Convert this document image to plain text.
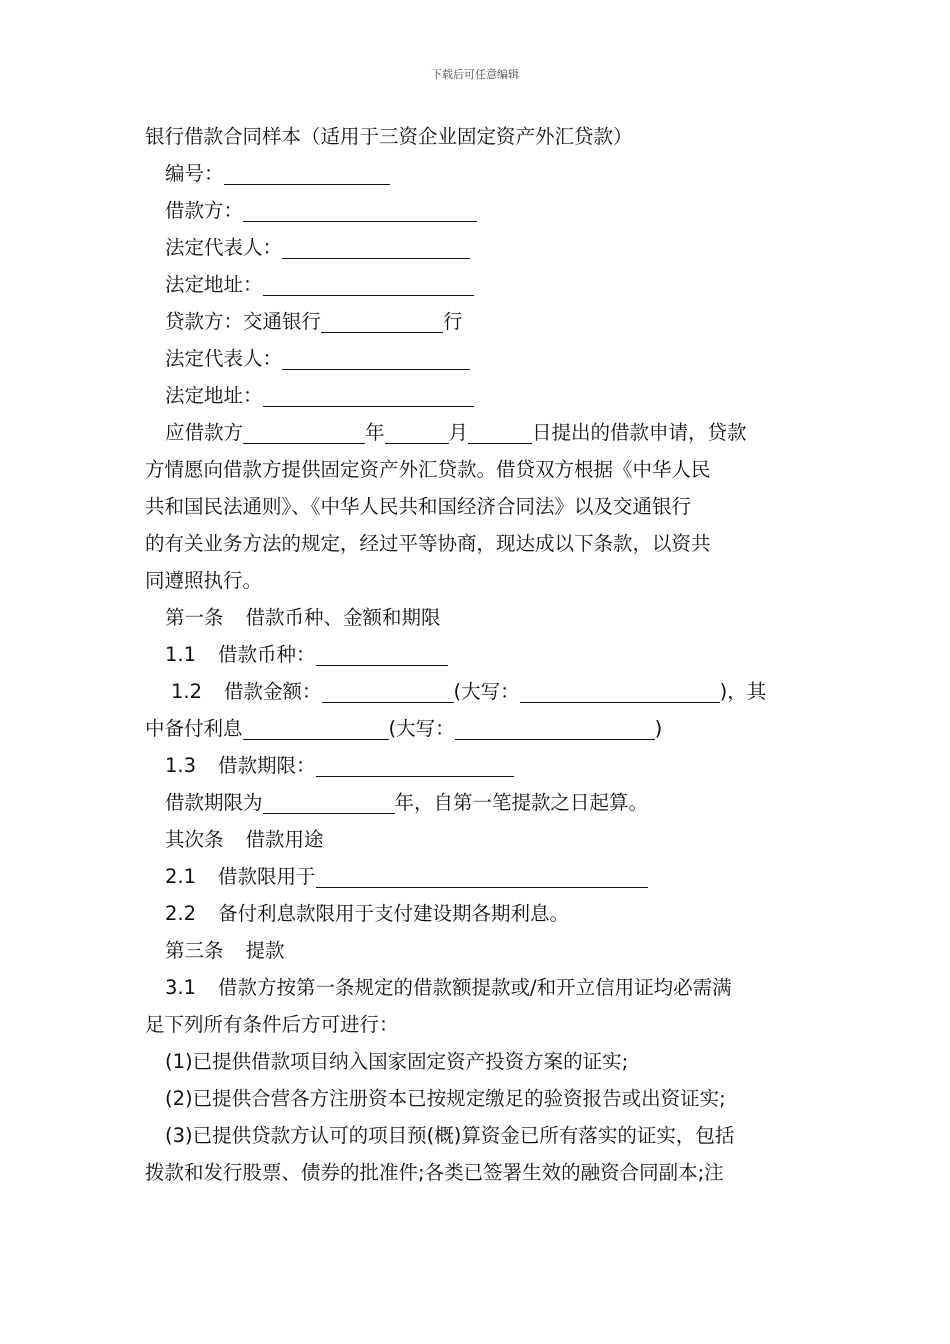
下载后可任意编辑
银行借款合同样本（适用于三资企业固定资产外汇贷款）
编号：
借款方：
法定代表人：
法定地址：
贷款方：交通银行	行
法定代表人：
法定地址：
应借款方	年	月	日提出的借款申请，贷款
方情愿向借款方提供固定资产外汇贷款。借贷双方根据《中华人民
共和国民法通则》、《中华人民共和国经济合同法》以及交通银行
的有关业务方法的规定，经过平等协商，现达成以下条款，以资共
同遵照执行。
第一条 借款币种、金额和期限
1.1 借款币种：
1.2 借款金额：	(大写：	)，其
中备付利息	(大写：	)
1.3 借款期限：
借款期限为	年，自第一笔提款之日起算。
其次条 借款用途
2.1 借款限用于
2.2 备付利息款限用于支付建设期各期利息。
第三条 提款
3.1 借款方按第一条规定的借款额提款或/和开立信用证均必需满
足下列所有条件后方可进行：
(1)已提供借款项目纳入国家固定资产投资方案的证实;
(2)已提供合营各方注册资本已按规定缴足的验资报告或出资证实;
(3)已提供贷款方认可的项目预(概)算资金已所有落实的证实，包括
拨款和发行股票、债券的批准件;各类已签署生效的融资合同副本;注
